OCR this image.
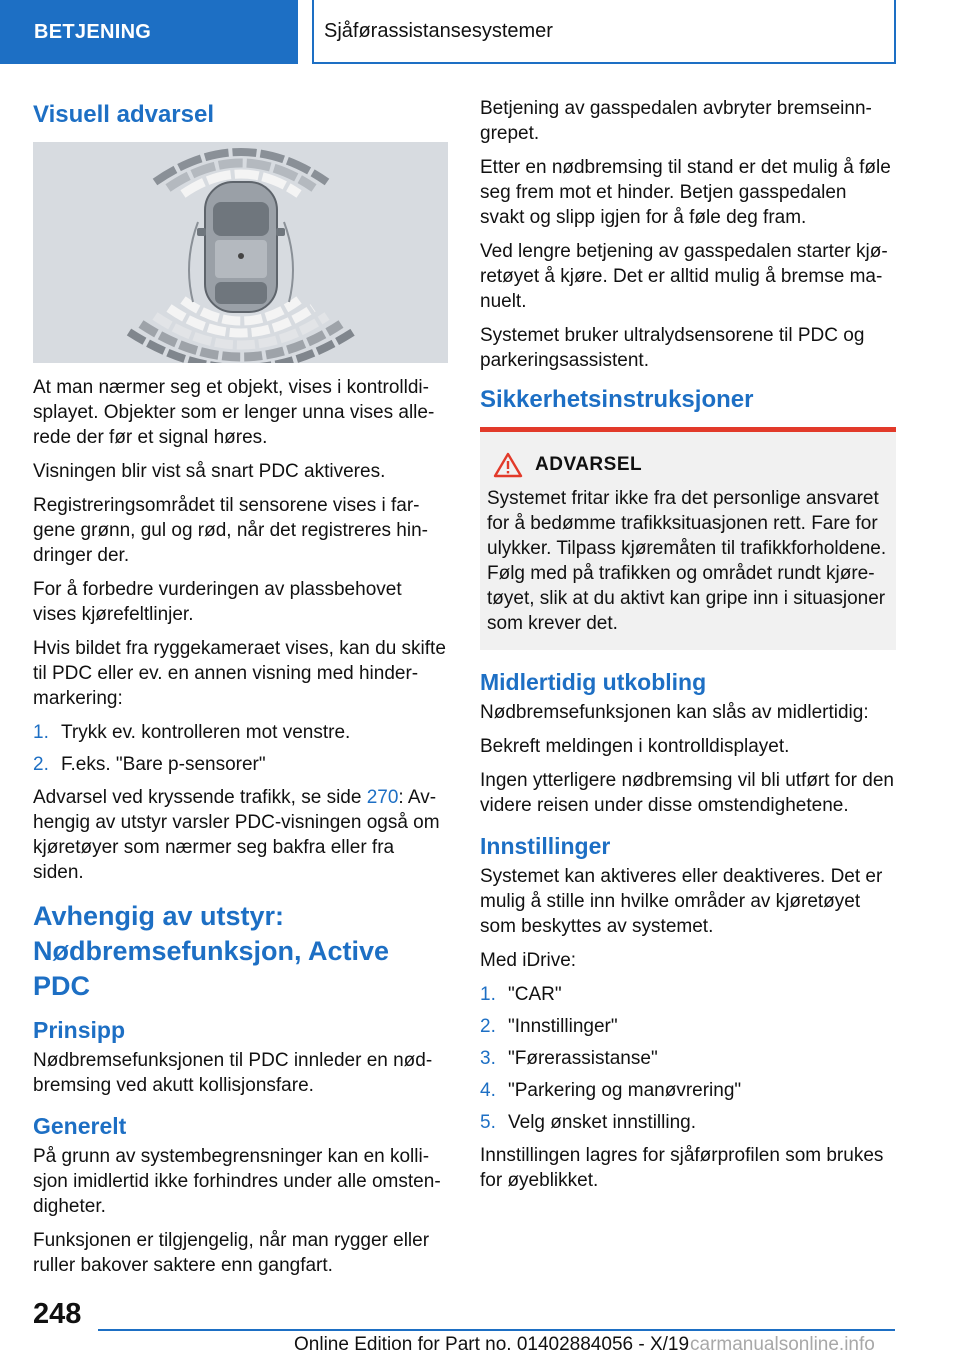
BETJENING	Sjåførassistansesystemer
Visuell advarsel

At man nærmer seg et objekt, vises i kontrolldisplayet. Objekter som er lenger unna vises allerede der før et signal høres.

Visningen blir vist så snart PDC aktiveres.

Registreringsområdet til sensorene vises i fargene grønn, gul og rød, når det registreres hindringer der.

For å forbedre vurderingen av plassbehovet vises kjørefeltlinjer.

Hvis bildet fra ryggekameraet vises, kan du skifte til PDC eller ev. en annen visning med hindermarkering:

1. Trykk ev. kontrolleren mot venstre.
2. F.eks. "Bare p-sensorer"

Advarsel ved kryssende trafikk, se side 270: Avhengig av utstyr varsler PDC-visningen også om kjøretøyer som nærmer seg bakfra eller fra siden.

Avhengig av utstyr: Nødbremsefunksjon, Active PDC
Prinsipp

Nødbremsefunksjonen til PDC innleder en nødbremsing ved akutt kollisjonsfare.

Generelt

På grunn av systembegrensninger kan en kollisjon imidlertid ikke forhindres under alle omstendigheter.

Funksjonen er tilgjengelig, når man rygger eller ruller bakover saktere enn gangfart.

Betjening av gasspedalen avbryter bremseinngrepet.

Etter en nødbremsing til stand er det mulig å føle seg frem mot et hinder. Betjen gasspedalen svakt og slipp igjen for å føle deg fram.

Ved lengre betjening av gasspedalen starter kjøretøyet å kjøre. Det er alltid mulig å bremse manuelt.

Systemet bruker ultralydsensorene til PDC og parkeringsassistent.

Sikkerhetsinstruksjoner
ADVARSEL

Systemet fritar ikke fra det personlige ansvaret for å bedømme trafikksituasjonen rett. Fare for ulykker. Tilpass kjøremåten til trafikkforholdene. Følg med på trafikken og området rundt kjøretøyet, slik at du aktivt kan gripe inn i situasjoner som krever det.

Midlertidig utkobling

Nødbremsefunksjonen kan slås av midlertidig:

Bekreft meldingen i kontrolldisplayet.

Ingen ytterligere nødbremsing vil bli utført for den videre reisen under disse omstendighetene.

Innstillinger

Systemet kan aktiveres eller deaktiveres. Det er mulig å stille inn hvilke områder av kjøretøyet som beskyttes av systemet.

Med iDrive:

1. "CAR"
2. "Innstillinger"
3. "Førerassistanse"
4. "Parkering og manøvrering"
5. Velg ønsket innstilling.

Innstillingen lagres for sjåførprofilen som brukes for øyeblikket.

248
Online Edition for Part no. 01402884056 - X/19 carmanualsonline.info
